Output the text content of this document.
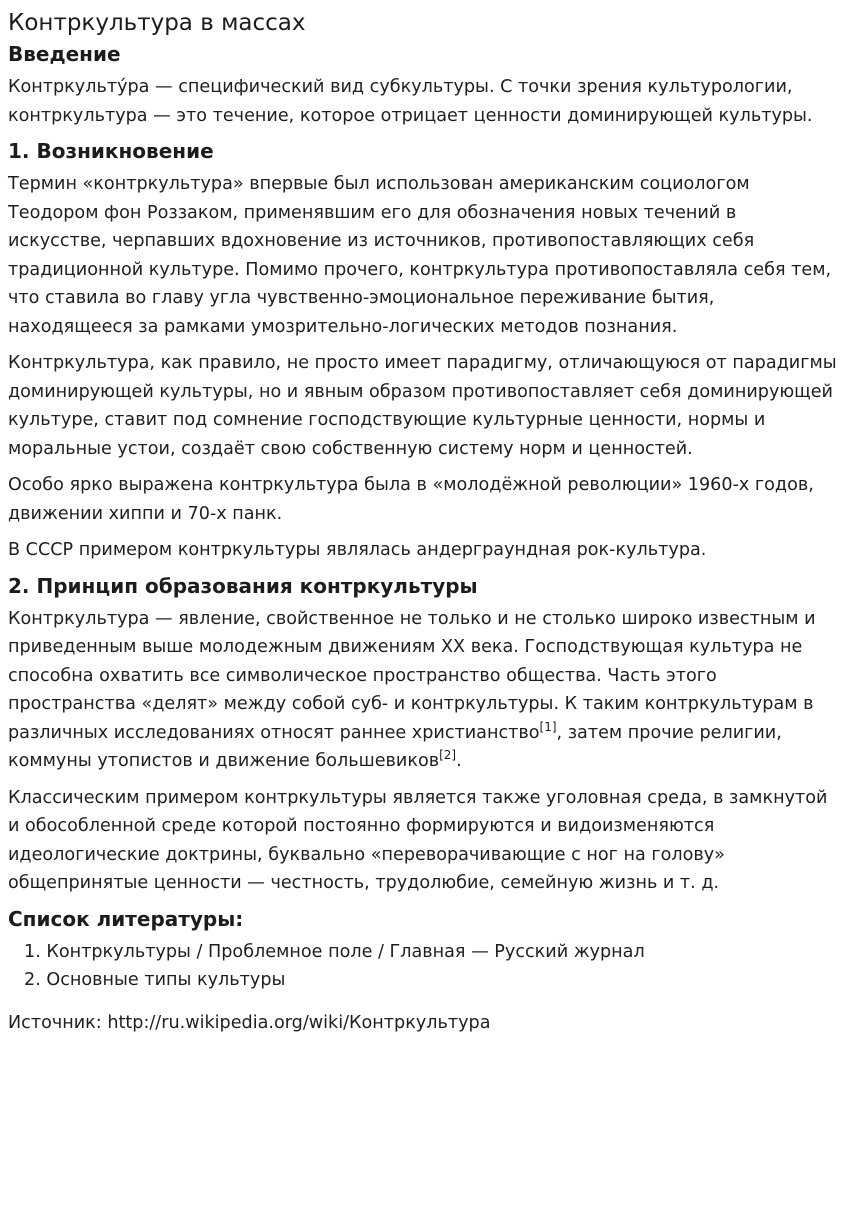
Контркультура в массах
Введение

Контркульту́ра — специфический вид субкультуры. С точки зрения культурологии, контркультура — это течение, которое отрицает ценности доминирующей культуры.

1. Возникновение

Термин «контркультура» впервые был использован американским социологом Теодором фон Роззаком, применявшим его для обозначения новых течений в искусстве, черпавших вдохновение из источников, противопоставляющих себя традиционной культуре. Помимо прочего, контркультура противопоставляла себя тем, что ставила во главу угла чувственно-эмоциональное переживание бытия, находящееся за рамками умозрительно-логических методов познания.

Контркультура, как правило, не просто имеет парадигму, отличающуюся от парадигмы доминирующей культуры, но и явным образом противопоставляет себя доминирующей культуре, ставит под сомнение господствующие культурные ценности, нормы и моральные устои, создаёт свою собственную систему норм и ценностей.

Особо ярко выражена контркультура была в «молодёжной революции» 1960-х годов, движении хиппи и 70-х панк.

В СССР примером контркультуры являлась андерграундная рок-культура.

2. Принцип образования контркультуры

Контркультура — явление, свойственное не только и не столько широко известным и приведенным выше молодежным движениям XX века. Господствующая культура не способна охватить все символическое пространство общества. Часть этого пространства «делят» между собой суб- и контркультуры. К таким контркультурам в различных исследованиях относят раннее христианство[1], затем прочие религии, коммуны утопистов и движение большевиков[2].

Классическим примером контркультуры является также уголовная среда, в замкнутой и обособленной среде которой постоянно формируются и видоизменяются идеологические доктрины, буквально «переворачивающие с ног на голову» общепринятые ценности — честность, трудолюбие, семейную жизнь и т. д.

Список литературы:
1. Контркультуры / Проблемное поле / Главная — Русский журнал
2. Основные типы культуры

Источник: http://ru.wikipedia.org/wiki/Контркультура
